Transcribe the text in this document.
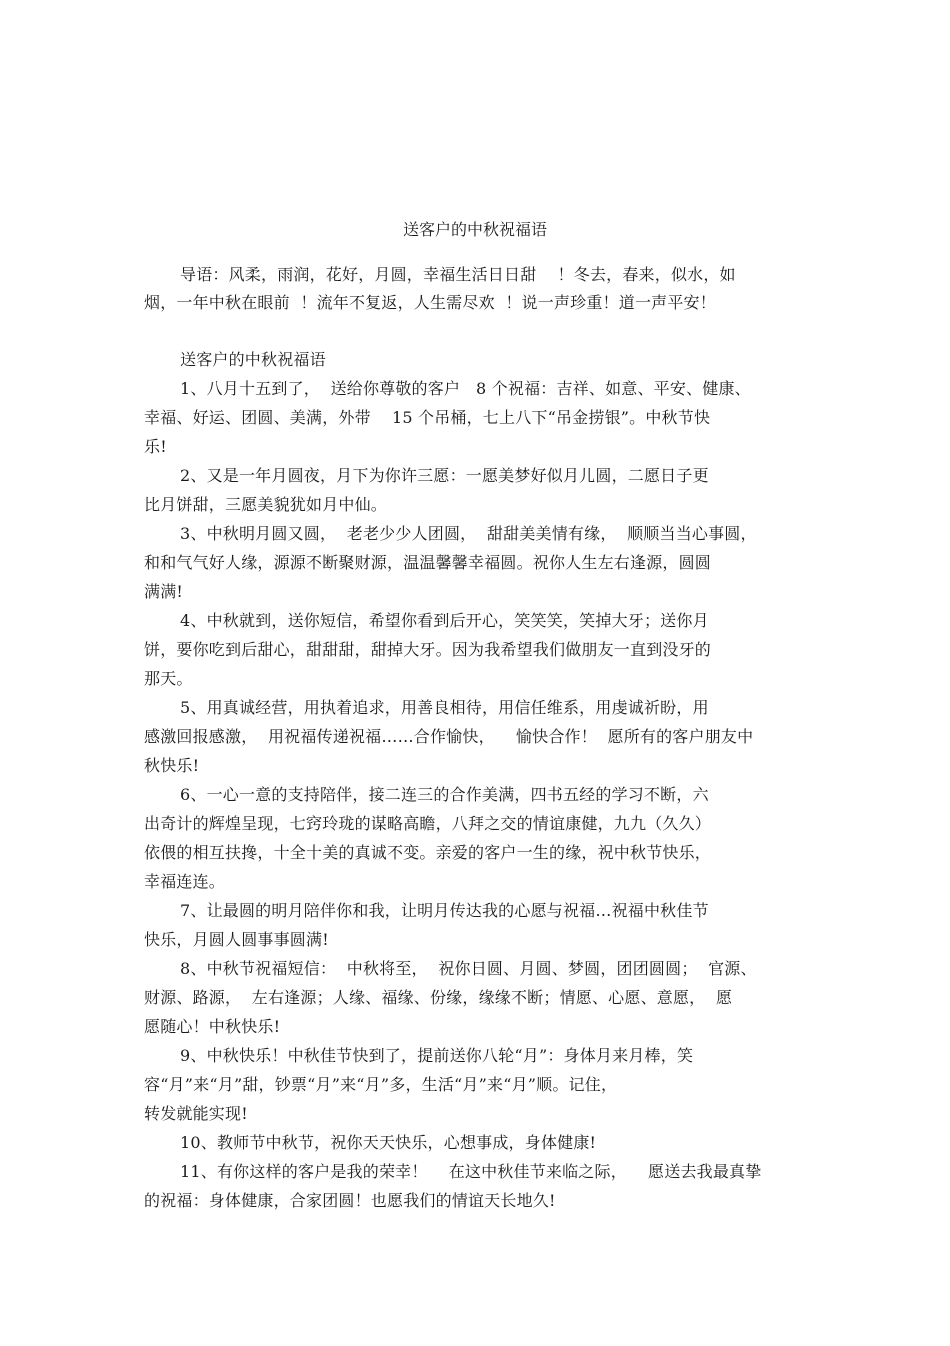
送客户的中秋祝福语
导语：风柔，雨润，花好，月圆，幸福生活日日甜    ！冬去，春来，似水，如
烟，一年中秋在眼前  ！流年不复返，人生需尽欢  ！说一声珍重！道一声平安！
送客户的中秋祝福语
1、八月十五到了，  送给你尊敬的客户   8 个祝福：吉祥、如意、平安、健康、
幸福、好运、团圆、美满，外带    15 个吊桶，七上八下“吊金捞银”。中秋节快
乐!
2、又是一年月圆夜，月下为你许三愿：一愿美梦好似月儿圆，二愿日子更
比月饼甜，三愿美貌犹如月中仙。
3、中秋明月圆又圆，  老老少少人团圆，  甜甜美美情有缘，  顺顺当当心事圆，
和和气气好人缘，源源不断聚财源，温温馨馨幸福圆。祝你人生左右逢源，圆圆
满满!
4、中秋就到，送你短信，希望你看到后开心，笑笑笑，笑掉大牙；送你月
饼，要你吃到后甜心，甜甜甜，甜掉大牙。因为我希望我们做朋友一直到没牙的
那天。
5、用真诚经营，用执着追求，用善良相待，用信任维系，用虔诚祈盼，用
感激回报感激，  用祝福传递祝福……合作愉快，    愉快合作！  愿所有的客户朋友中
秋快乐!
6、一心一意的支持陪伴，接二连三的合作美满，四书五经的学习不断，六
出奇计的辉煌呈现，七窍玲珑的谋略高瞻，八拜之交的情谊康健，九九（久久）
依偎的相互扶搀，十全十美的真诚不变。亲爱的客户一生的缘，祝中秋节快乐，
幸福连连。
7、让最圆的明月陪伴你和我，让明月传达我的心愿与祝福…祝福中秋佳节
快乐，月圆人圆事事圆满!
8、中秋节祝福短信：  中秋将至，  祝你日圆、月圆、梦圆，团团圆圆；  官源、
财源、路源，  左右逢源；人缘、福缘、份缘，缘缘不断；情愿、心愿、意愿，  愿
愿随心！中秋快乐!
9、中秋快乐！中秋佳节快到了，提前送你八轮“月”：身体月来月棒，笑
容“月”来“月”甜，钞票“月”来“月”多，生活“月”来“月”顺。记住，
转发就能实现!
10、教师节中秋节，祝你天天快乐，心想事成，身体健康!
11、有你这样的客户是我的荣幸！    在这中秋佳节来临之际，    愿送去我最真挚
的祝福：身体健康，合家团圆！也愿我们的情谊天长地久!
